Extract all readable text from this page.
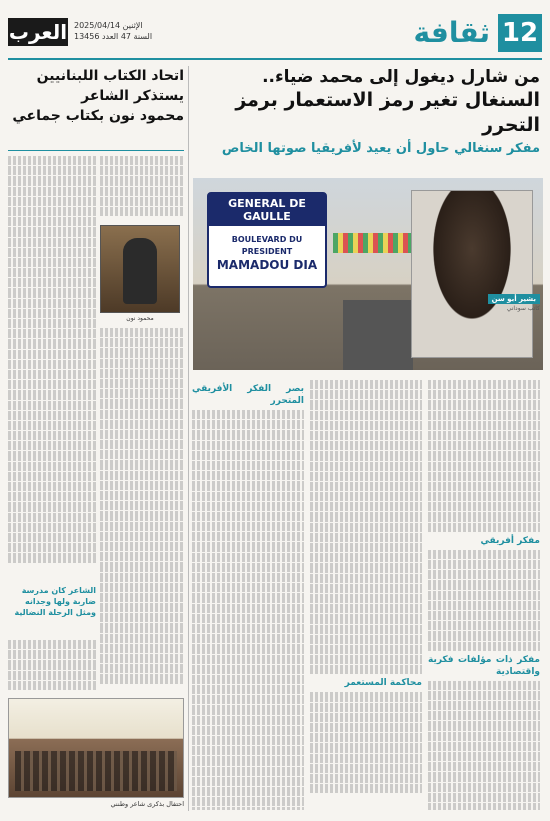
12
ثقافة
العرب الإثنين 2025/04/14
السنة 47 العدد 13456
من شارل ديغول إلى محمد ضياء..
السنغال تغير رمز الاستعمار برمز التحرر
مفكر سنغالي حاول أن يعيد لأفريقيا صوتها الخاص
GENERAL DE GAULLE
BOULEVARD DU PRESIDENT
MAMADOU DIA
بشير أبو سن
كاتب سوداني
مفكر أفريقي
مفكر ذات مؤلفات فكرية واقتصادية
محاكمة المستعمر
بصر الفكر الأفريقي المتحرر
اتحاد الكتاب اللبنانيين
يستذكر الشاعر
محمود نون بكتاب جماعي
محمود نون
الشاعر كان مدرسة ضاربة ولها وجدانه ومثل الرحلة النضالية
احتفال بذكرى شاعر وطنني
